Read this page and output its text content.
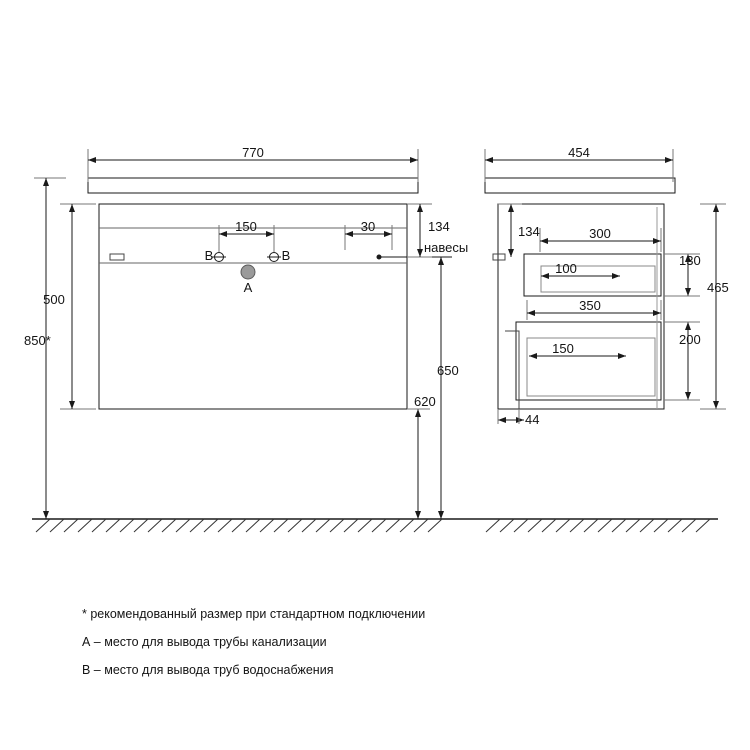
770
150	30	134
500
850*
650
620
B	B
A
навесы
454
134	300
100
130
465
350
150
200
44
* рекомендованный размер при стандартном подключении
А – место для вывода трубы канализации
В – место для вывода труб водоснабжения
